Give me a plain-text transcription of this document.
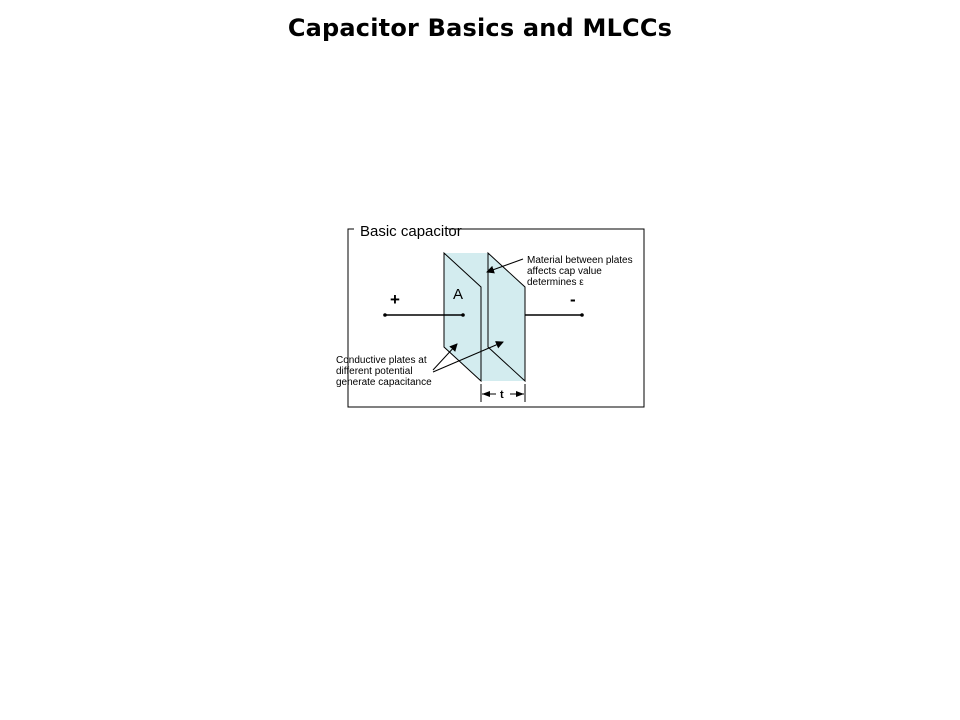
Capacitor Basics and MLCCs
Basic capacitor
A
+	-
Material between plates
affects cap value
determines ε
Conductive plates at
different potential
generate capacitance
t
